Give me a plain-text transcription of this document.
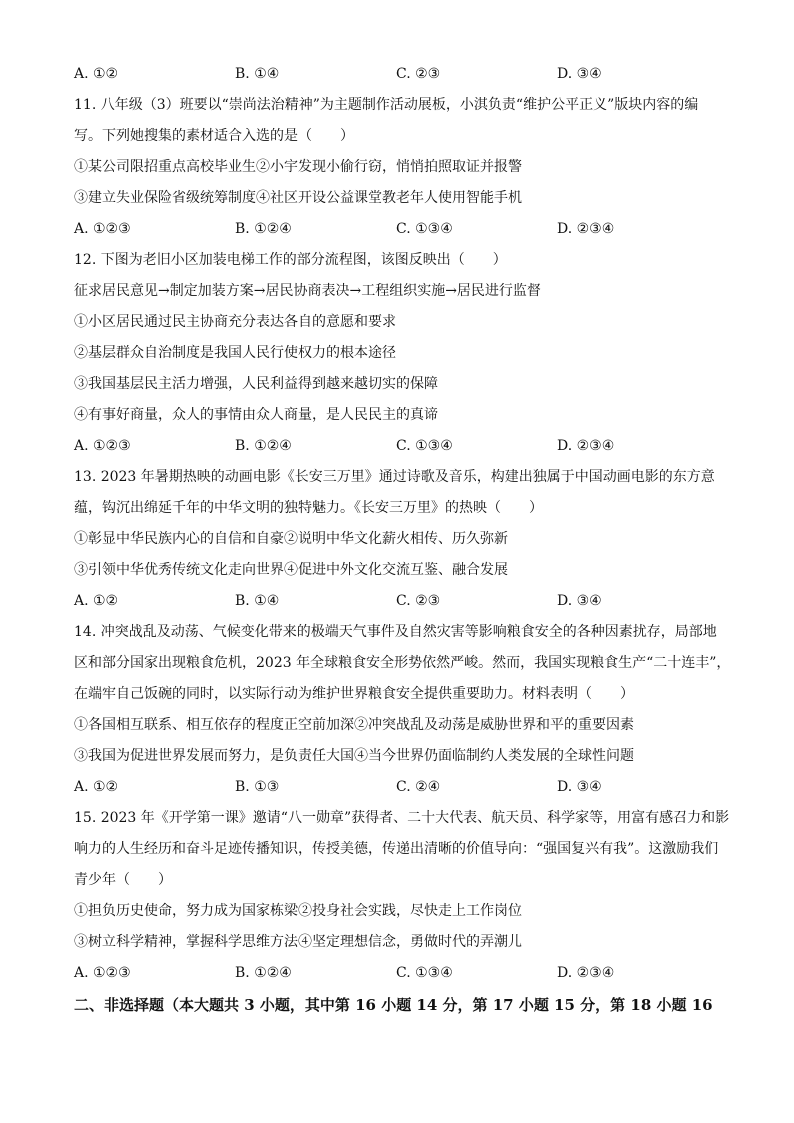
A. ①②	B. ①④	C. ②③	D. ③④
11. 八年级（3）班要以“崇尚法治精神”为主题制作活动展板，小淇负责“维护公平正义”版块内容的编
写。下列她搜集的素材适合入选的是（　　）
①某公司限招重点高校毕业生②小宇发现小偷行窃，悄悄拍照取证并报警
③建立失业保险省级统筹制度④社区开设公益课堂教老年人使用智能手机
A. ①②③	B. ①②④	C. ①③④	D. ②③④
12. 下图为老旧小区加装电梯工作的部分流程图，该图反映出（　　）
征求居民意见→制定加装方案→居民协商表决→工程组织实施→居民进行监督
①小区居民通过民主协商充分表达各自的意愿和要求
②基层群众自治制度是我国人民行使权力的根本途径
③我国基层民主活力增强，人民利益得到越来越切实的保障
④有事好商量，众人的事情由众人商量，是人民民主的真谛
A. ①②③	B. ①②④	C. ①③④	D. ②③④
13. 2023 年暑期热映的动画电影《长安三万里》通过诗歌及音乐，构建出独属于中国动画电影的东方意
蕴，钩沉出绵延千年的中华文明的独特魅力。《长安三万里》的热映（　　）
①彰显中华民族内心的自信和自豪②说明中华文化薪火相传、历久弥新
③引领中华优秀传统文化走向世界④促进中外文化交流互鉴、融合发展
A. ①②	B. ①④	C. ②③	D. ③④
14. 冲突战乱及动荡、气候变化带来的极端天气事件及自然灾害等影响粮食安全的各种因素扰存，局部地
区和部分国家出现粮食危机，2023 年全球粮食安全形势依然严峻。然而，我国实现粮食生产“二十连丰”，
在端牢自己饭碗的同时，以实际行动为维护世界粮食安全提供重要助力。材料表明（　　）
①各国相互联系、相互依存的程度正空前加深②冲突战乱及动荡是威胁世界和平的重要因素
③我国为促进世界发展而努力，是负责任大国④当今世界仍面临制约人类发展的全球性问题
A. ①②	B. ①③	C. ②④	D. ③④
15. 2023 年《开学第一课》邀请“八一勋章”获得者、二十大代表、航天员、科学家等，用富有感召力和影
响力的人生经历和奋斗足迹传播知识，传授美德，传递出清晰的价值导向：“强国复兴有我”。这激励我们
青少年（　　）
①担负历史使命，努力成为国家栋梁②投身社会实践，尽快走上工作岗位
③树立科学精神，掌握科学思维方法④坚定理想信念，勇做时代的弄潮儿
A. ①②③	B. ①②④	C. ①③④	D. ②③④
二、非选择题（本大题共 3 小题，其中第 16 小题 14 分，第 17 小题 15 分，第 18 小题 16
